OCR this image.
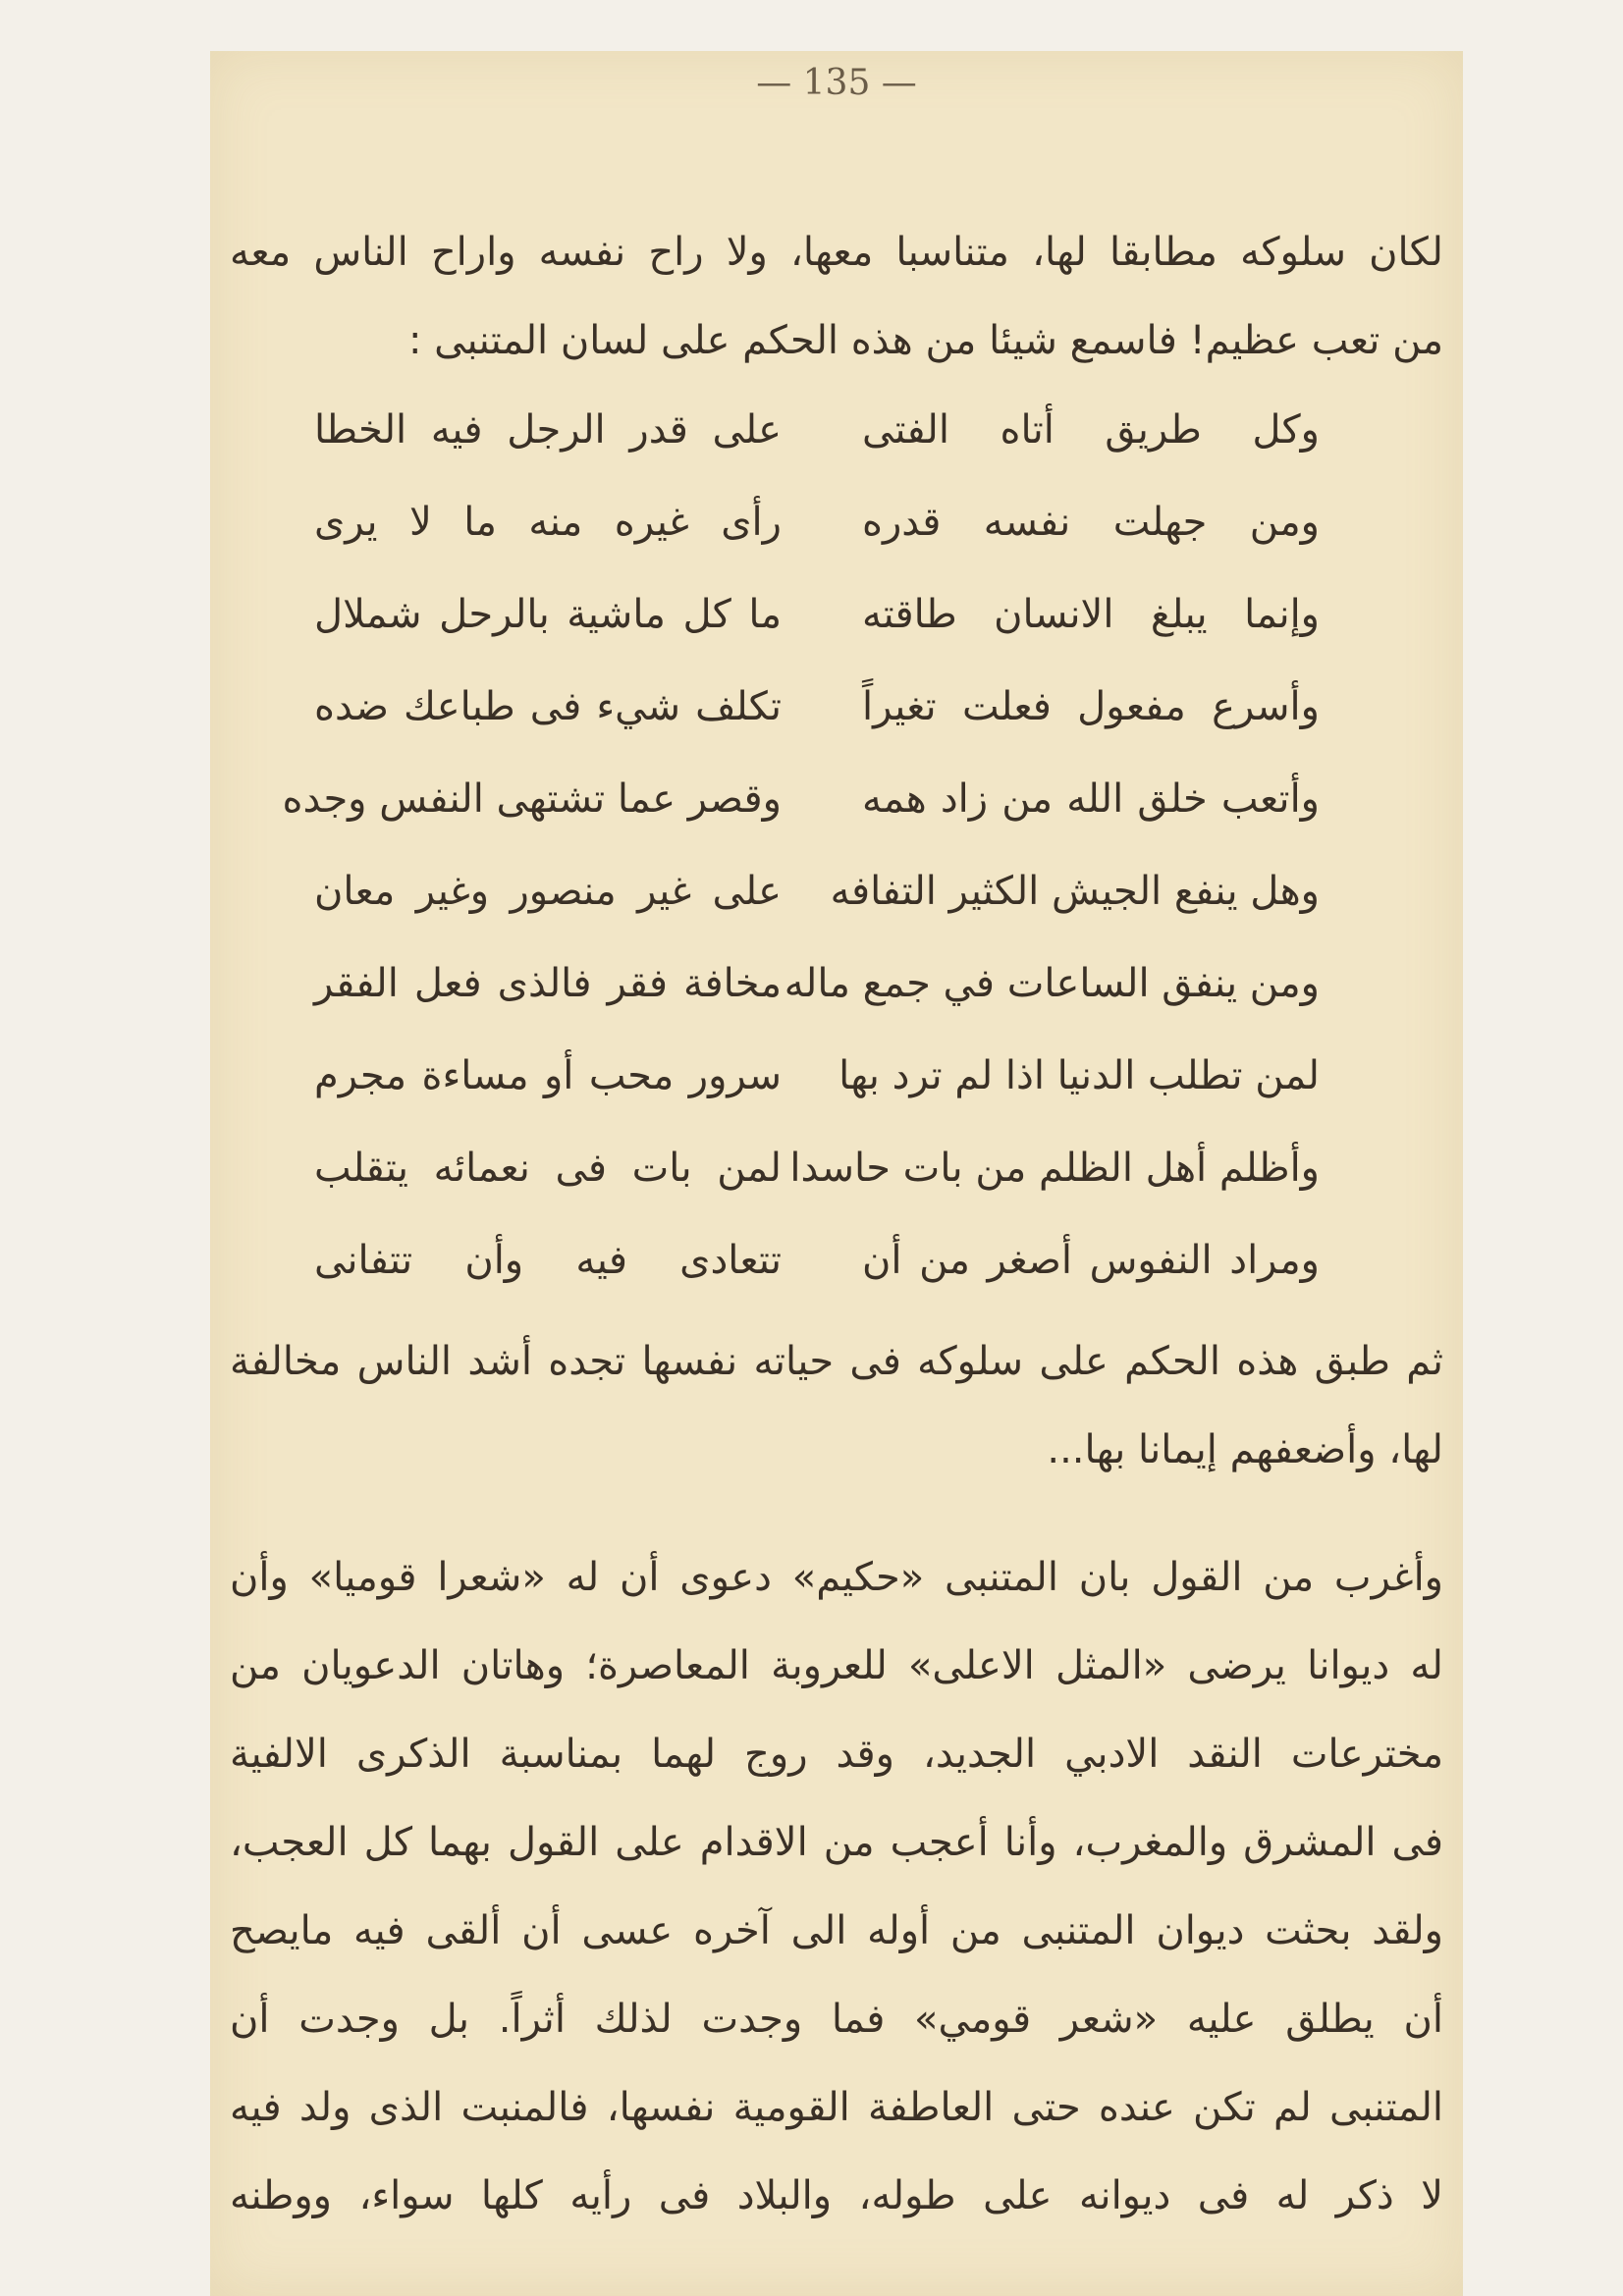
— 135 —
لكان سلوكه مطابقا لها، متناسبا معها، ولا راح نفسه واراح الناس معه
من تعب عظيم! فاسمع شيئا من هذه الحكم على لسان المتنبى :
وكل طريق أتاه الفتى
على قدر الرجل فيه الخطا
ومن جهلت نفسه قدره
رأى غيره منه ما لا يرى
وإنما يبلغ الانسان طاقته
ما كل ماشية بالرحل شملال
وأسرع مفعول فعلت تغيراً
تكلف شيء فى طباعك ضده
وأتعب خلق الله من زاد همه
وقصر عما تشتهى النفس وجده
وهل ينفع الجيش الكثير التفافه
على غير منصور وغير معان
ومن ينفق الساعات في جمع ماله
مخافة فقر فالذى فعل الفقر
لمن تطلب الدنيا اذا لم ترد بها
سرور محب أو مساءة مجرم
وأظلم أهل الظلم من بات حاسدا
لمن بات فى نعمائه يتقلب
ومراد النفوس أصغر من أن
تتعادى فيه وأن تتفانى
ثم طبق هذه الحكم على سلوكه فى حياته نفسها تجده أشد الناس مخالفة
لها، وأضعفهم إيمانا بها...
وأغرب من القول بان المتنبى «حكيم» دعوى أن له «شعرا قوميا» وأن
له ديوانا يرضى «المثل الاعلى» للعروبة المعاصرة؛ وهاتان الدعويان من
مخترعات النقد الادبي الجديد، وقد روج لهما بمناسبة الذكرى الالفية
فى المشرق والمغرب، وأنا أعجب من الاقدام على القول بهما كل العجب،
ولقد بحثت ديوان المتنبى من أوله الى آخره عسى أن ألقى فيه مايصح
أن يطلق عليه «شعر قومي» فما وجدت لذلك أثراً. بل وجدت أن
المتنبى لم تكن عنده حتى العاطفة القومية نفسها، فالمنبت الذى ولد فيه
لا ذكر له فى ديوانه على طوله، والبلاد فى رأيه كلها سواء، ووطنه
